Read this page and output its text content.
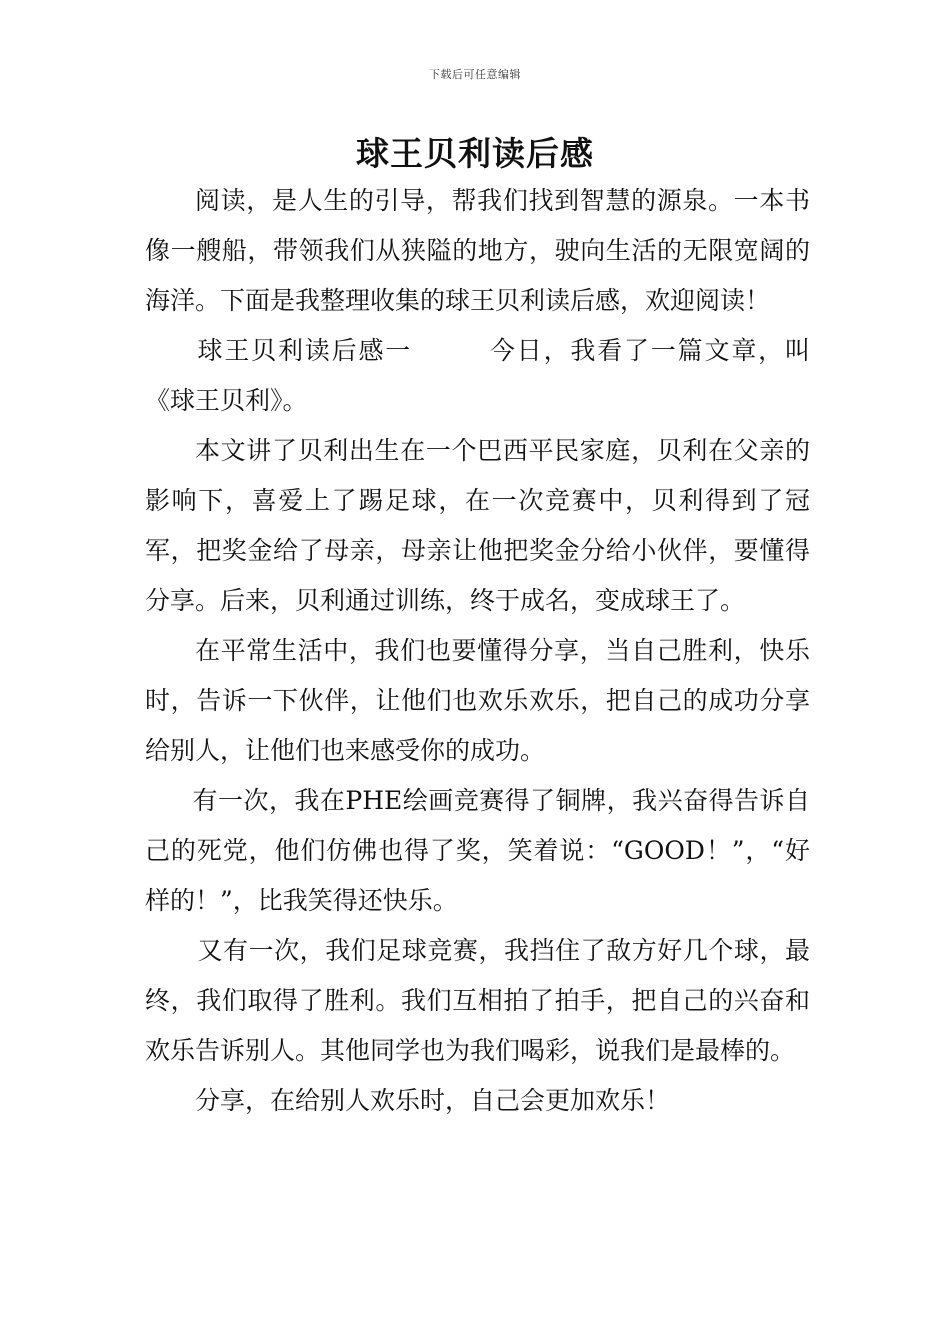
下载后可任意编辑
球王贝利读后感

阅读，是人生的引导，帮我们找到智慧的源泉。一本书像一艘船，带领我们从狭隘的地方，驶向生活的无限宽阔的海洋。下面是我整理收集的球王贝利读后感，欢迎阅读！

球王贝利读后感一	今日，我看了一篇文章，叫《球王贝利》。

本文讲了贝利出生在一个巴西平民家庭，贝利在父亲的影响下，喜爱上了踢足球，在一次竞赛中，贝利得到了冠军，把奖金给了母亲，母亲让他把奖金分给小伙伴，要懂得分享。后来，贝利通过训练，终于成名，变成球王了。

在平常生活中，我们也要懂得分享，当自己胜利，快乐时，告诉一下伙伴，让他们也欢乐欢乐，把自己的成功分享给别人，让他们也来感受你的成功。

有一次，我在PHE绘画竞赛得了铜牌，我兴奋得告诉自己的死党，他们仿佛也得了奖，笑着说：“GOOD！”，“好样的！”，比我笑得还快乐。

又有一次，我们足球竞赛，我挡住了敌方好几个球，最终，我们取得了胜利。我们互相拍了拍手，把自己的兴奋和欢乐告诉别人。其他同学也为我们喝彩，说我们是最棒的。

分享，在给别人欢乐时，自己会更加欢乐！
